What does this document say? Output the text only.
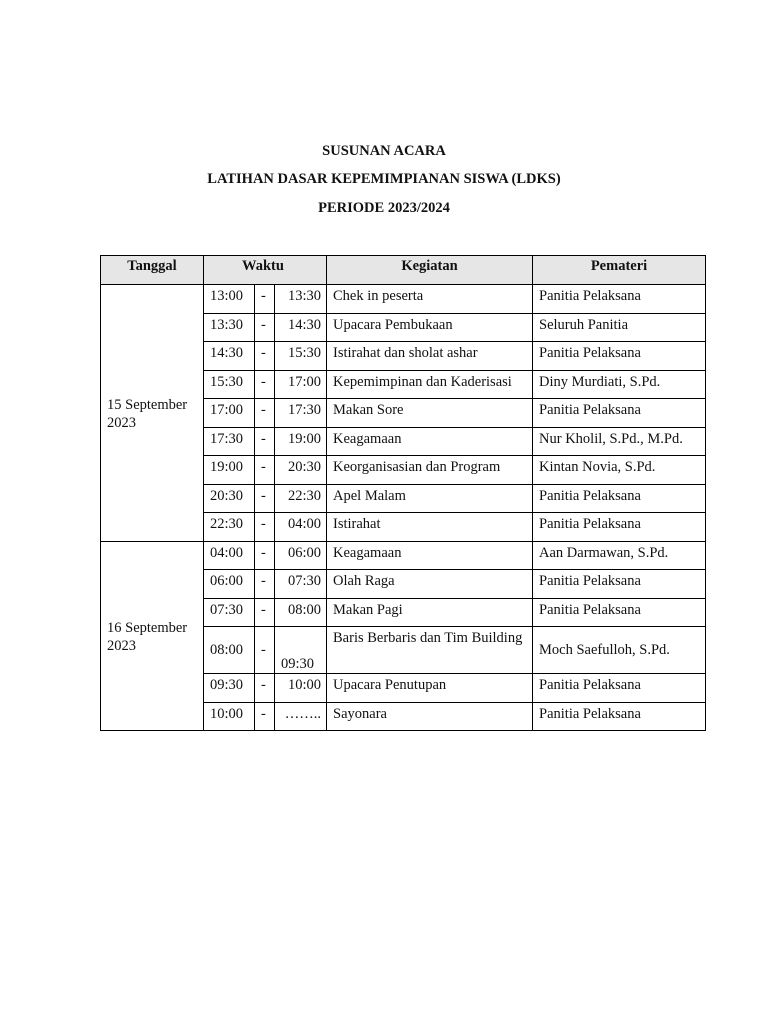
SUSUNAN ACARA
LATIHAN DASAR KEPEMIMPIANAN SISWA (LDKS)
PERIODE 2023/2024
Tanggal	Waktu			Kegiatan	Pemateri
15 September 2023	13:00	-	13:30	Chek in peserta	Panitia Pelaksana
	13:30	-	14:30	Upacara Pembukaan	Seluruh Panitia
	14:30	-	15:30	Istirahat dan sholat ashar	Panitia Pelaksana
	15:30	-	17:00	Kepemimpinan dan Kaderisasi	Diny Murdiati, S.Pd.
	17:00	-	17:30	Makan Sore	Panitia Pelaksana
	17:30	-	19:00	Keagamaan	Nur Kholil, S.Pd., M.Pd.
	19:00	-	20:30	Keorganisasian dan Program	Kintan Novia, S.Pd.
	20:30	-	22:30	Apel Malam	Panitia Pelaksana
	22:30	-	04:00	Istirahat	Panitia Pelaksana
16 September 2023	04:00	-	06:00	Keagamaan	Aan Darmawan, S.Pd.
	06:00	-	07:30	Olah Raga	Panitia Pelaksana
	07:30	-	08:00	Makan Pagi	Panitia Pelaksana
	08:00	-	09:30	Baris Berbaris dan Tim Building	Moch Saefulloh, S.Pd.
	09:30	-	10:00	Upacara Penutupan	Panitia Pelaksana
	10:00	-	……..	Sayonara	Panitia Pelaksana
